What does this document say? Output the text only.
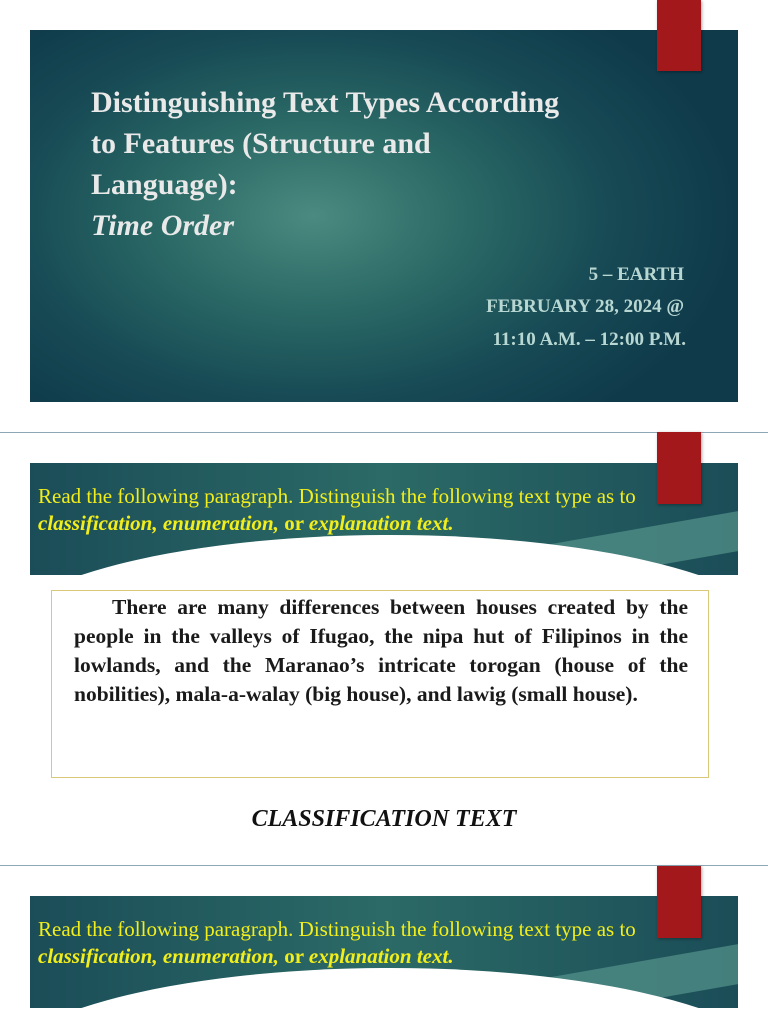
Distinguishing Text Types According
to Features (Structure and
Language):
Time Order
5 – EARTH
FEBRUARY 28, 2024 @
11:10 A.M. – 12:00 P.M.
Read the following paragraph. Distinguish the following text type as to classification, enumeration, or explanation text.
There are many differences between houses created by the people in the valleys of Ifugao, the nipa hut of Filipinos in the lowlands, and the Maranao’s intricate torogan (house of the nobilities), mala-a-walay (big house), and lawig (small house).
CLASSIFICATION TEXT
Read the following paragraph. Distinguish the following text type as to classification, enumeration, or explanation text.
